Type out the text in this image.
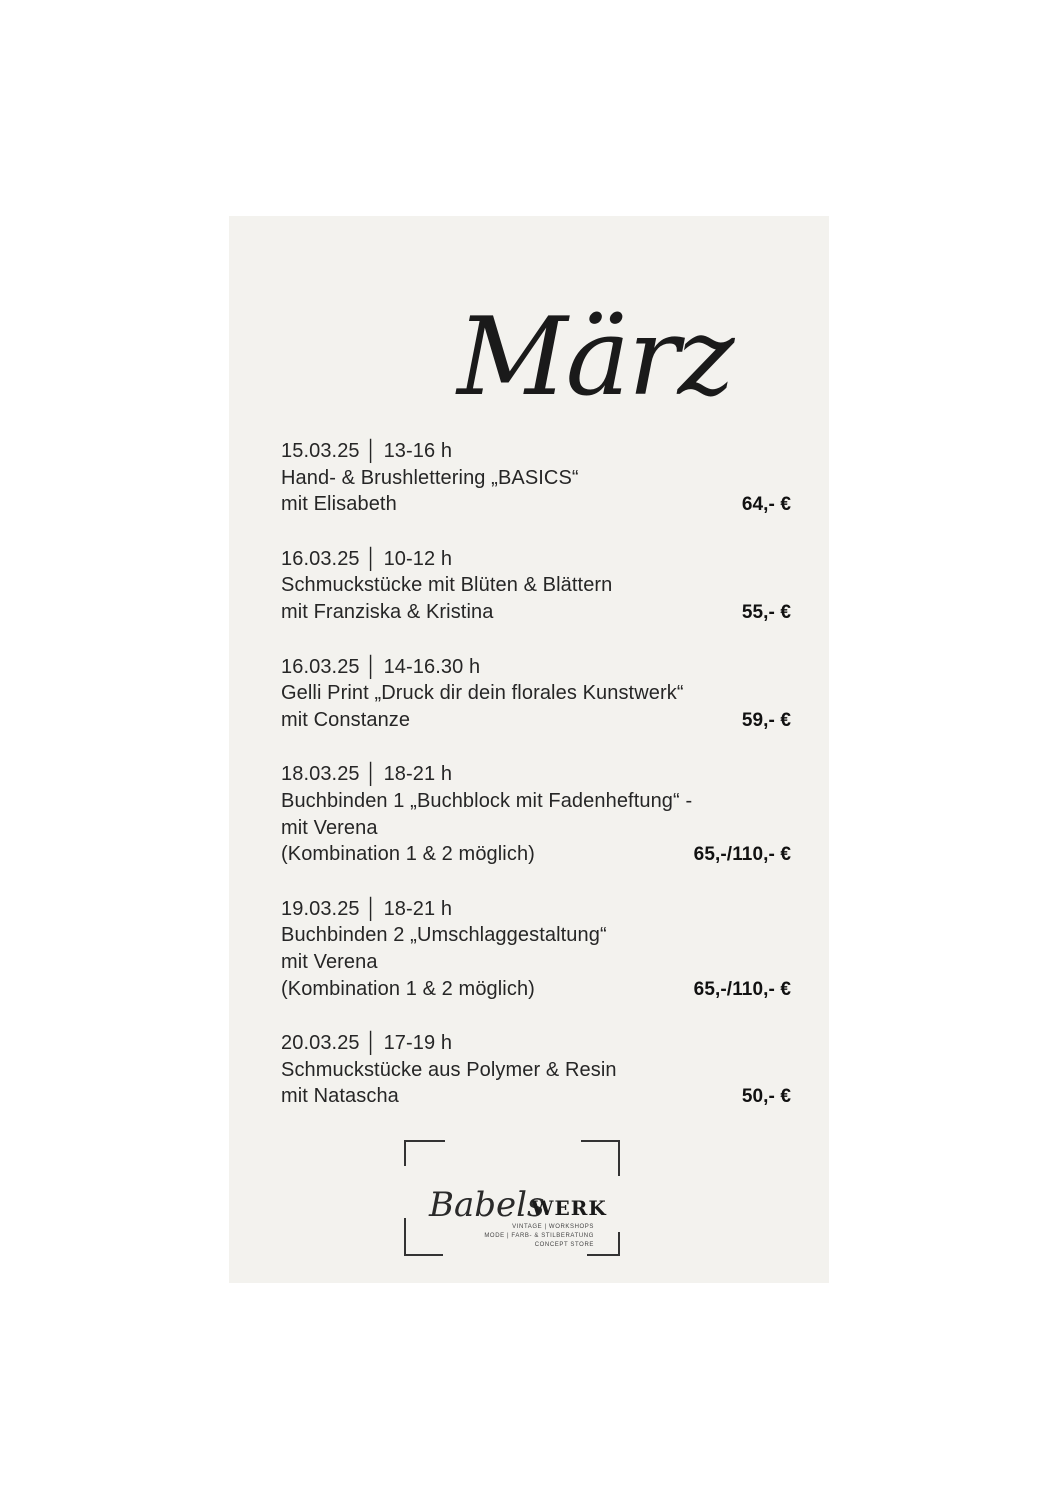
März
15.03.25 │ 13-16 h
Hand- & Brushlettering „BASICS“
mit Elisabeth	64,- €
16.03.25 │ 10-12 h
Schmuckstücke mit Blüten & Blättern
mit Franziska & Kristina	55,- €
16.03.25 │ 14-16.30 h
Gelli Print „Druck dir dein florales Kunstwerk“
mit Constanze	59,- €
18.03.25 │ 18-21 h
Buchbinden 1 „Buchblock mit Fadenheftung“ -
mit Verena
(Kombination 1 & 2 möglich)	65,-/110,- €
19.03.25 │ 18-21 h
Buchbinden 2 „Umschlaggestaltung“
mit Verena
(Kombination 1 & 2 möglich)	65,-/110,- €
20.03.25 │ 17-19 h
Schmuckstücke aus Polymer & Resin
mit Natascha	50,- €
Babels
WERK
VINTAGE | WORKSHOPS
MODE | FARB- & STILBERATUNG
CONCEPT STORE
